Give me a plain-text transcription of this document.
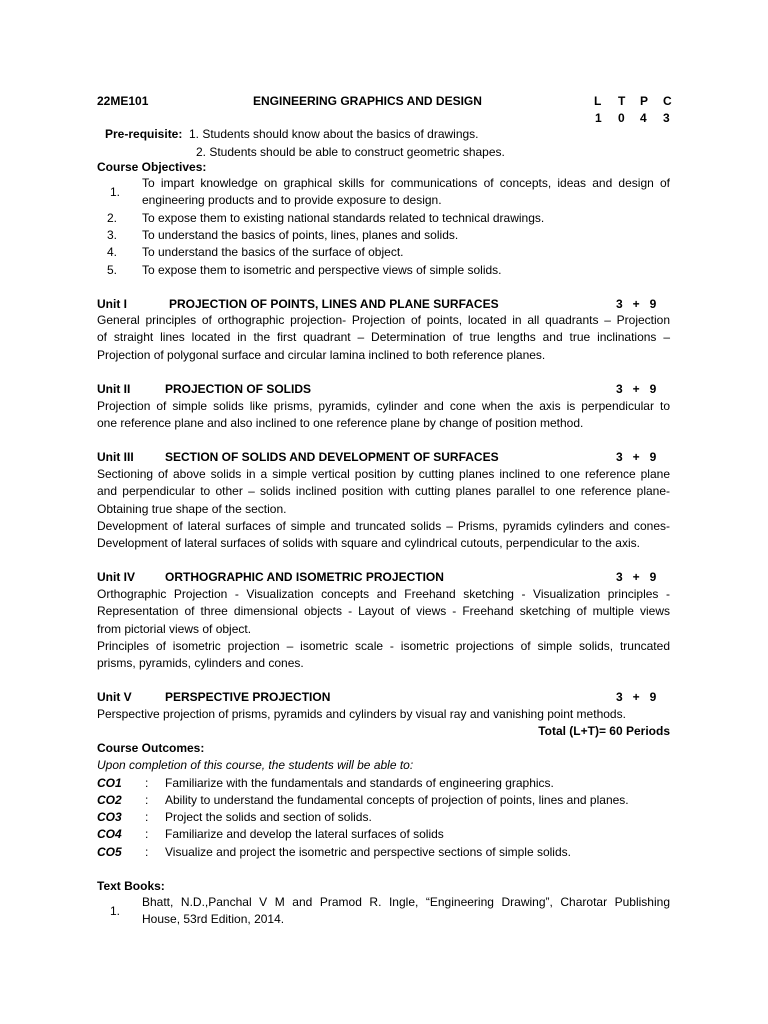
22ME101	ENGINEERING GRAPHICS AND DESIGN	L T P C
1 0 4 3
Pre-requisite: 1. Students should know about the basics of drawings.
2. Students should be able to construct geometric shapes.
Course Objectives:
1.
To impart knowledge on graphical skills for communications of concepts, ideas and design of
engineering products and to provide exposure to design.
2. To expose them to existing national standards related to technical drawings.
3. To understand the basics of points, lines, planes and solids.
4. To understand the basics of the surface of object.
5. To expose them to isometric and perspective views of simple solids.
Unit I	PROJECTION OF POINTS, LINES AND PLANE SURFACES	3   +   9
General principles of orthographic projection- Projection of points, located in all quadrants – Projection
of straight lines located in the first quadrant – Determination of true lengths and true inclinations –
Projection of polygonal surface and circular lamina inclined to both reference planes.
Unit II	PROJECTION OF SOLIDS	3   +   9
Projection of simple solids like prisms, pyramids, cylinder and cone when the axis is perpendicular to
one reference plane and also inclined to one reference plane by change of position method.
Unit III	SECTION OF SOLIDS AND DEVELOPMENT OF SURFACES	3   +   9
Sectioning of above solids in a simple vertical position by cutting planes inclined to one reference plane
and perpendicular to other – solids inclined position with cutting planes parallel to one reference plane-
Obtaining true shape of the section.
Development of lateral surfaces of simple and truncated solids – Prisms, pyramids cylinders and cones-
Development of lateral surfaces of solids with square and cylindrical cutouts, perpendicular to the axis.
Unit IV	ORTHOGRAPHIC AND ISOMETRIC PROJECTION	3   +   9
Orthographic Projection - Visualization concepts and Freehand sketching - Visualization principles -
Representation of three dimensional objects - Layout of views - Freehand sketching of multiple views
from pictorial views of object.
Principles of isometric projection – isometric scale - isometric projections of simple solids, truncated
prisms, pyramids, cylinders and cones.
Unit V	PERSPECTIVE PROJECTION	3   +   9
Perspective projection of prisms, pyramids and cylinders by visual ray and vanishing point methods.
Total (L+T)= 60 Periods
Course Outcomes:
Upon completion of this course, the students will be able to:
CO1 : Familiarize with the fundamentals and standards of engineering graphics.
CO2 : Ability to understand the fundamental concepts of projection of points, lines and planes.
CO3 : Project the solids and section of solids.
CO4 : Familiarize and develop the lateral surfaces of solids
CO5 : Visualize and project the isometric and perspective sections of simple solids.
Text Books:
1.
Bhatt, N.D.,Panchal V M and Pramod R. Ingle, “Engineering Drawing”, Charotar Publishing
House, 53rd Edition, 2014.
